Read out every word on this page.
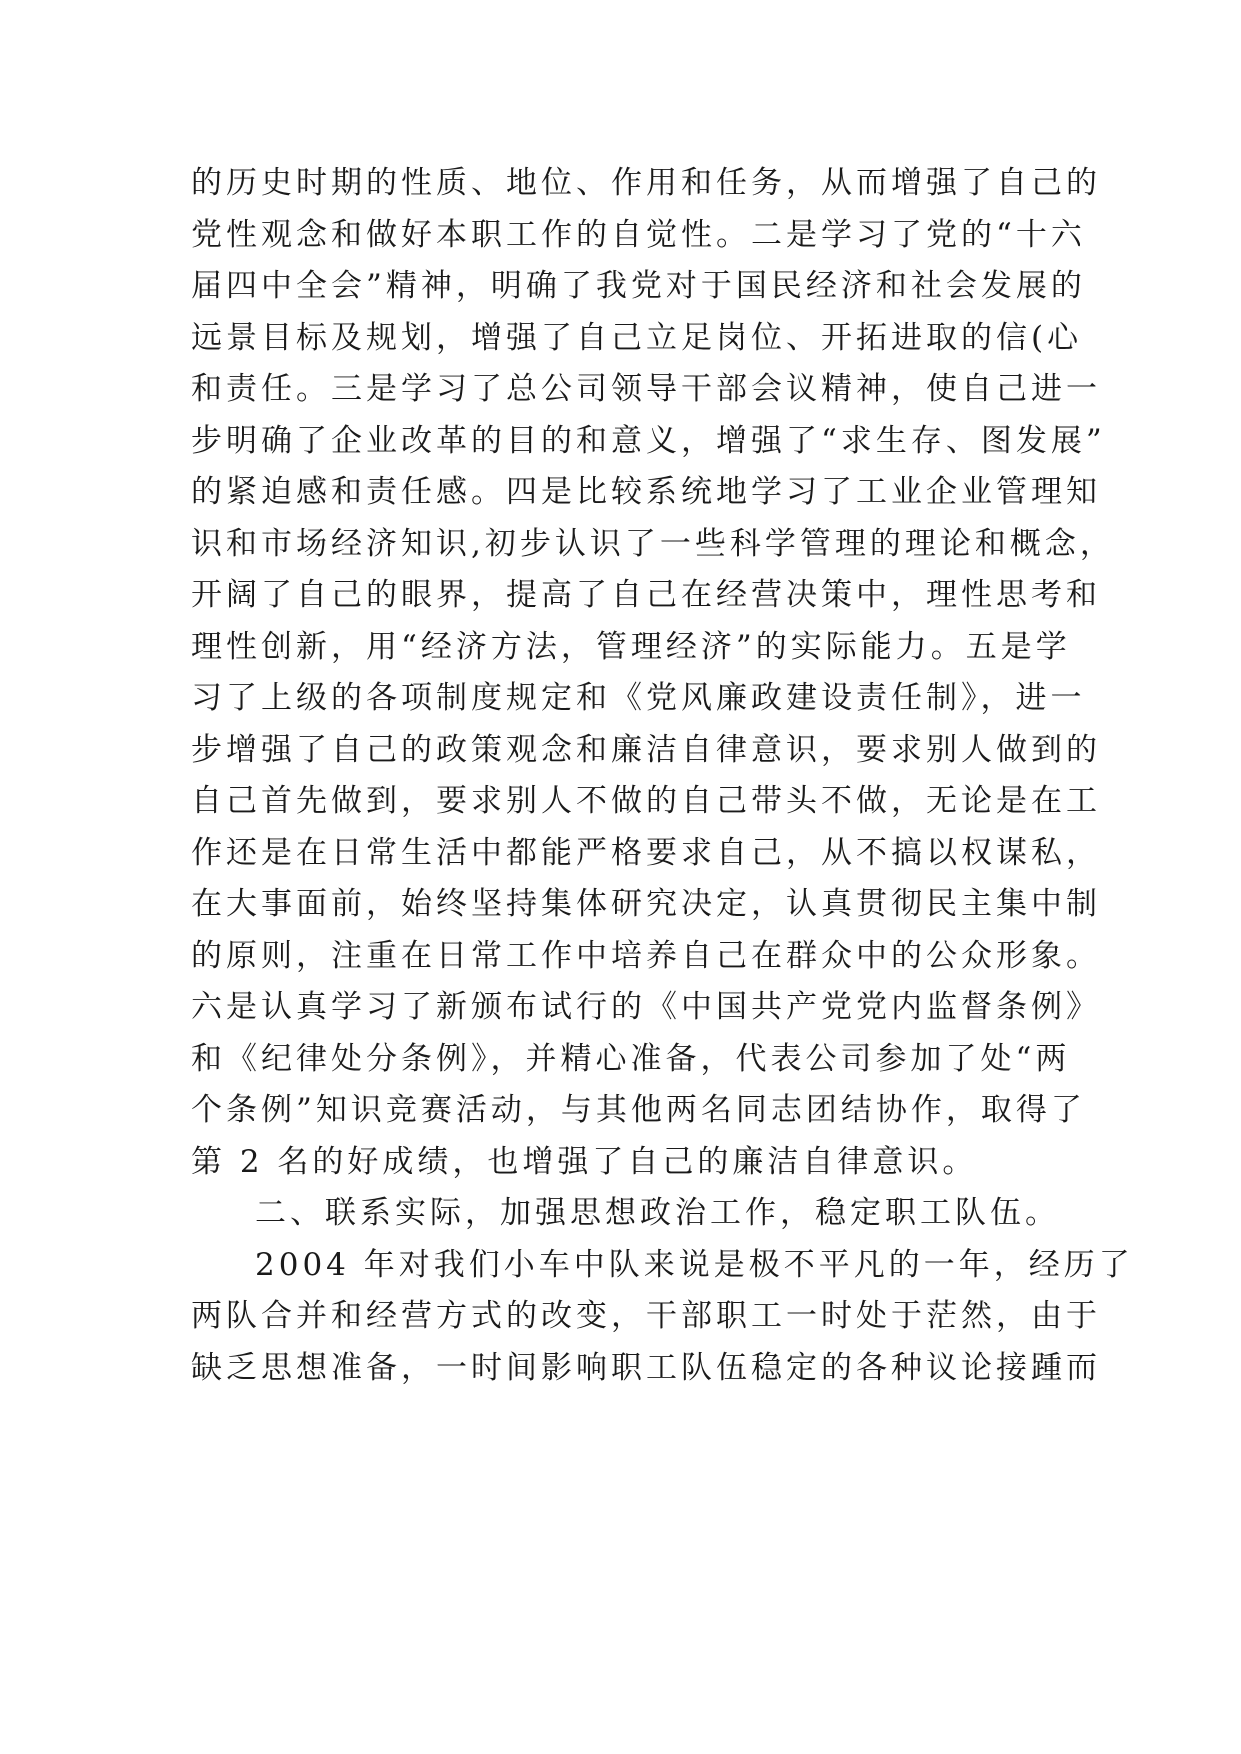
的历史时期的性质、地位、作用和任务，从而增强了自己的
党性观念和做好本职工作的自觉性。二是学习了党的“十六
届四中全会”精神，明确了我党对于国民经济和社会发展的
远景目标及规划，增强了自己立足岗位、开拓进取的信(心
和责任。三是学习了总公司领导干部会议精神，使自己进一
步明确了企业改革的目的和意义，增强了“求生存、图发展”
的紧迫感和责任感。四是比较系统地学习了工业企业管理知
识和市场经济知识,初步认识了一些科学管理的理论和概念，
开阔了自己的眼界，提高了自己在经营决策中，理性思考和
理性创新，用“经济方法，管理经济”的实际能力。五是学
习了上级的各项制度规定和《党风廉政建设责任制》，进一
步增强了自己的政策观念和廉洁自律意识，要求别人做到的
自己首先做到，要求别人不做的自己带头不做，无论是在工
作还是在日常生活中都能严格要求自己，从不搞以权谋私，
在大事面前，始终坚持集体研究决定，认真贯彻民主集中制
的原则，注重在日常工作中培养自己在群众中的公众形象。
六是认真学习了新颁布试行的《中国共产党党内监督条例》
和《纪律处分条例》，并精心准备，代表公司参加了处“两
个条例”知识竞赛活动，与其他两名同志团结协作，取得了
第 2 名的好成绩，也增强了自己的廉洁自律意识。
二、联系实际，加强思想政治工作，稳定职工队伍。
2004 年对我们小车中队来说是极不平凡的一年，经历了
两队合并和经营方式的改变，干部职工一时处于茫然，由于
缺乏思想准备，一时间影响职工队伍稳定的各种议论接踵而
